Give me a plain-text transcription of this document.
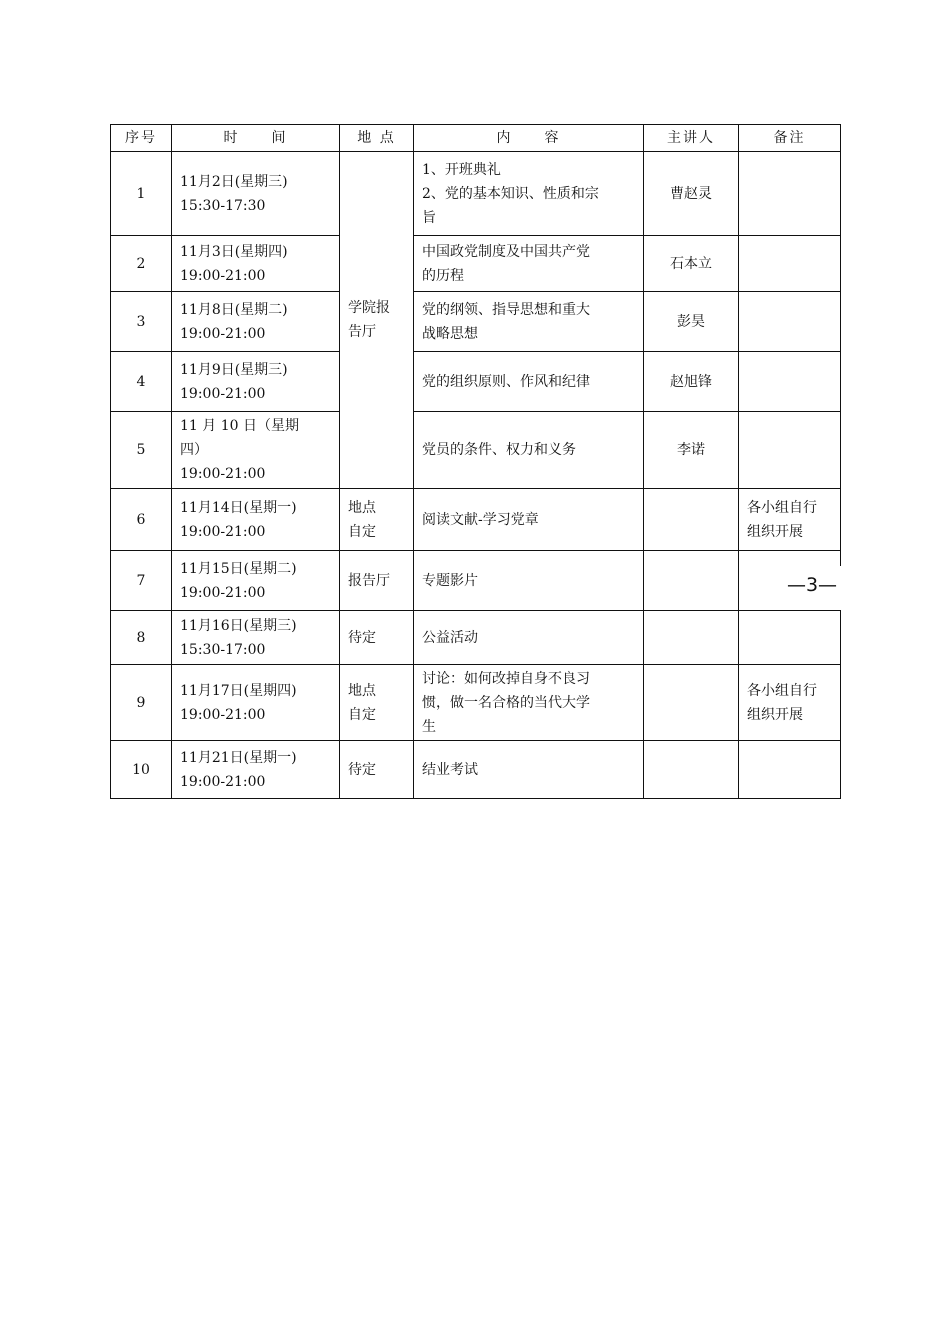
序号	时　　间	地 点	内　　容	主讲人	备注
1	11月2日(星期三)
15:30-17:30	学院报
告厅	1、开班典礼
2、党的基本知识、性质和宗
旨	曹赵灵	
2	11月3日(星期四)
19:00-21:00		中国政党制度及中国共产党
的历程	石本立	
3	11月8日(星期二)
19:00-21:00		党的纲领、指导思想和重大
战略思想	彭昊	
4	11月9日(星期三)
19:00-21:00		党的组织原则、作风和纪律	赵旭锋	
5	11 月 10 日（星期
四）
19:00-21:00		党员的条件、权力和义务	李诺	
6	11月14日(星期一)
19:00-21:00	地点
自定	阅读文献-学习党章		各小组自行
组织开展

7	11月15日(星期二)
19:00-21:00	报告厅	专题影片		

8	11月16日(星期三)
15:30-17:00	待定	公益活动		

9	11月17日(星期四)
19:00-21:00	地点
自定	讨论：如何改掉自身不良习
惯，做一名合格的当代大学
生		各小组自行
组织开展

10	11月21日(星期一)
19:00-21:00	待定	结业考试		

—3—
